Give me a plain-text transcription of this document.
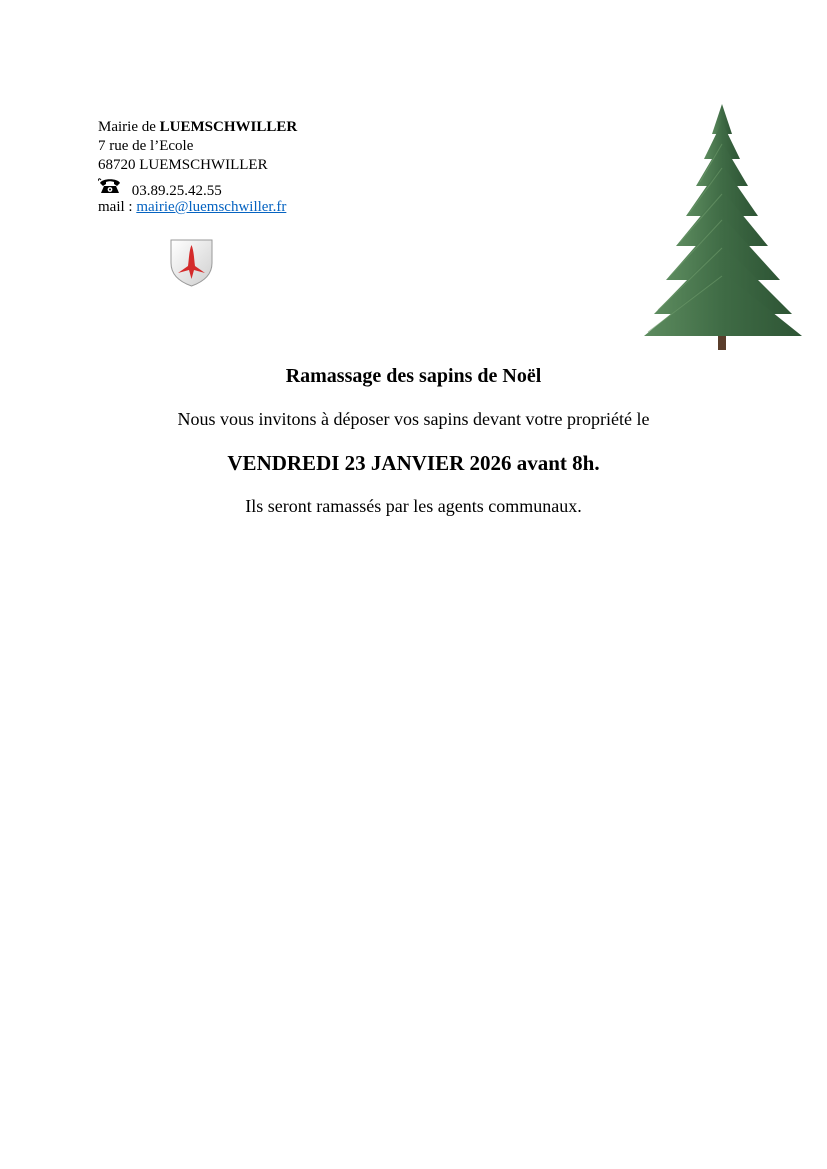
Mairie de LUEMSCHWILLER
7 rue de l’Ecole
68720 LUEMSCHWILLER
03.89.25.42.55
mail : mairie@luemschwiller.fr
Ramassage des sapins de Noël
Nous vous invitons à déposer vos sapins devant votre propriété le
VENDREDI 23 JANVIER 2026 avant 8h.
Ils seront ramassés par les agents communaux.
